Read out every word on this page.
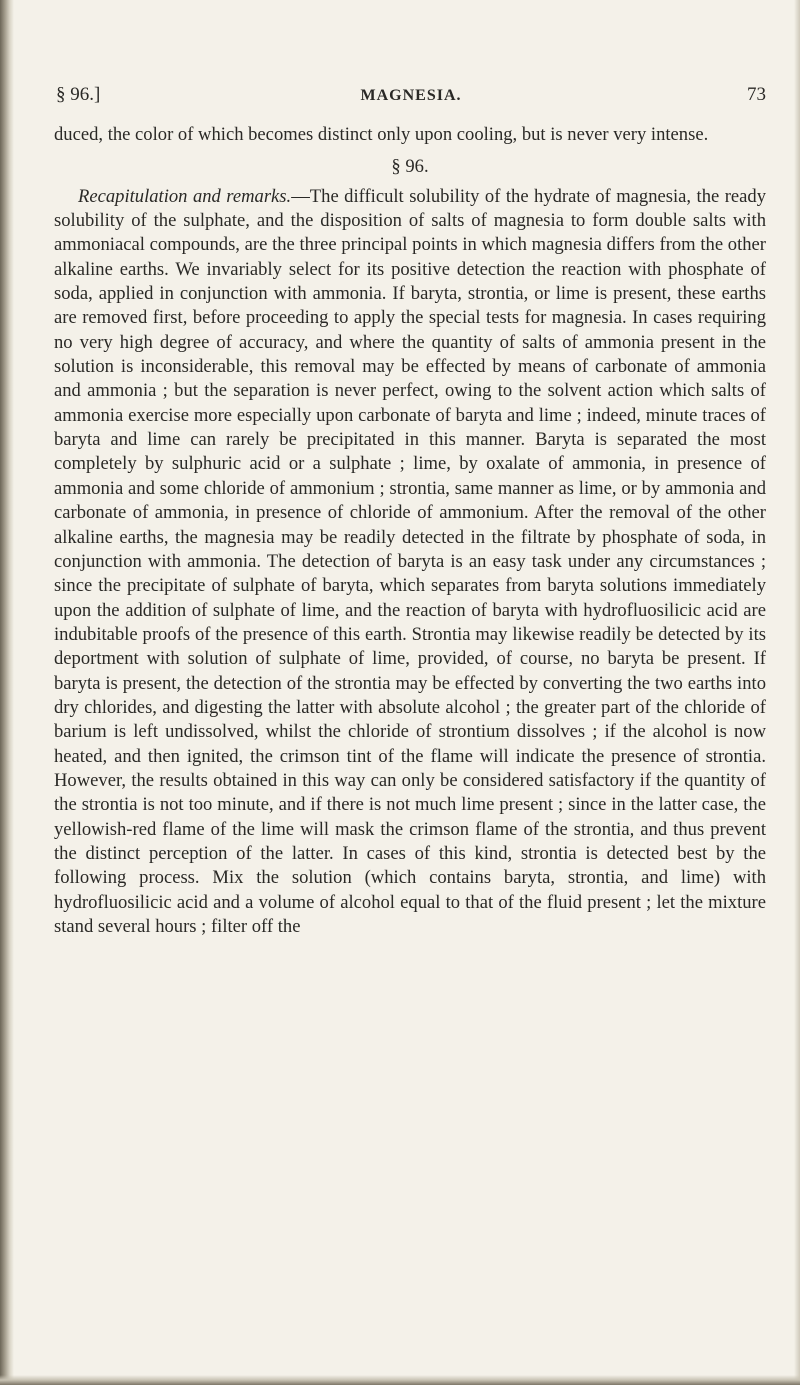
§ 96.]	MAGNESIA.	73

duced, the color of which becomes distinct only upon cooling, but is never very intense.

§ 96.

Recapitulation and remarks.—The difficult solubility of the hydrate of magnesia, the ready solubility of the sulphate, and the disposition of salts of magnesia to form double salts with ammoniacal compounds, are the three principal points in which magnesia differs from the other alkaline earths. We invariably select for its positive detection the reaction with phosphate of soda, applied in conjunction with ammonia. If baryta, strontia, or lime is present, these earths are removed first, before proceeding to apply the special tests for magnesia. In cases requiring no very high degree of accuracy, and where the quantity of salts of ammonia present in the solution is inconsiderable, this removal may be effected by means of carbonate of ammonia and ammonia ; but the separation is never perfect, owing to the solvent action which salts of ammonia exercise more especially upon carbonate of baryta and lime ; indeed, minute traces of baryta and lime can rarely be precipitated in this manner. Baryta is separated the most completely by sulphuric acid or a sulphate ; lime, by oxalate of ammonia, in presence of ammonia and some chloride of ammonium ; strontia, same manner as lime, or by ammonia and carbonate of ammonia, in presence of chloride of ammonium. After the removal of the other alkaline earths, the magnesia may be readily detected in the filtrate by phosphate of soda, in conjunction with ammonia. The detection of baryta is an easy task under any circumstances ; since the precipitate of sulphate of baryta, which separates from baryta solutions immediately upon the addition of sulphate of lime, and the reaction of baryta with hydrofluosilicic acid are indubitable proofs of the presence of this earth. Strontia may likewise readily be detected by its deportment with solution of sulphate of lime, provided, of course, no baryta be present. If baryta is present, the detection of the strontia may be effected by converting the two earths into dry chlorides, and digesting the latter with absolute alcohol ; the greater part of the chloride of barium is left undissolved, whilst the chloride of strontium dissolves ; if the alcohol is now heated, and then ignited, the crimson tint of the flame will indicate the presence of strontia. However, the results obtained in this way can only be considered satisfactory if the quantity of the strontia is not too minute, and if there is not much lime present ; since in the latter case, the yellowish-red flame of the lime will mask the crimson flame of the strontia, and thus prevent the distinct perception of the latter. In cases of this kind, strontia is detected best by the following process. Mix the solution (which contains baryta, strontia, and lime) with hydrofluosilicic acid and a volume of alcohol equal to that of the fluid present ; let the mixture stand several hours ; filter off the
